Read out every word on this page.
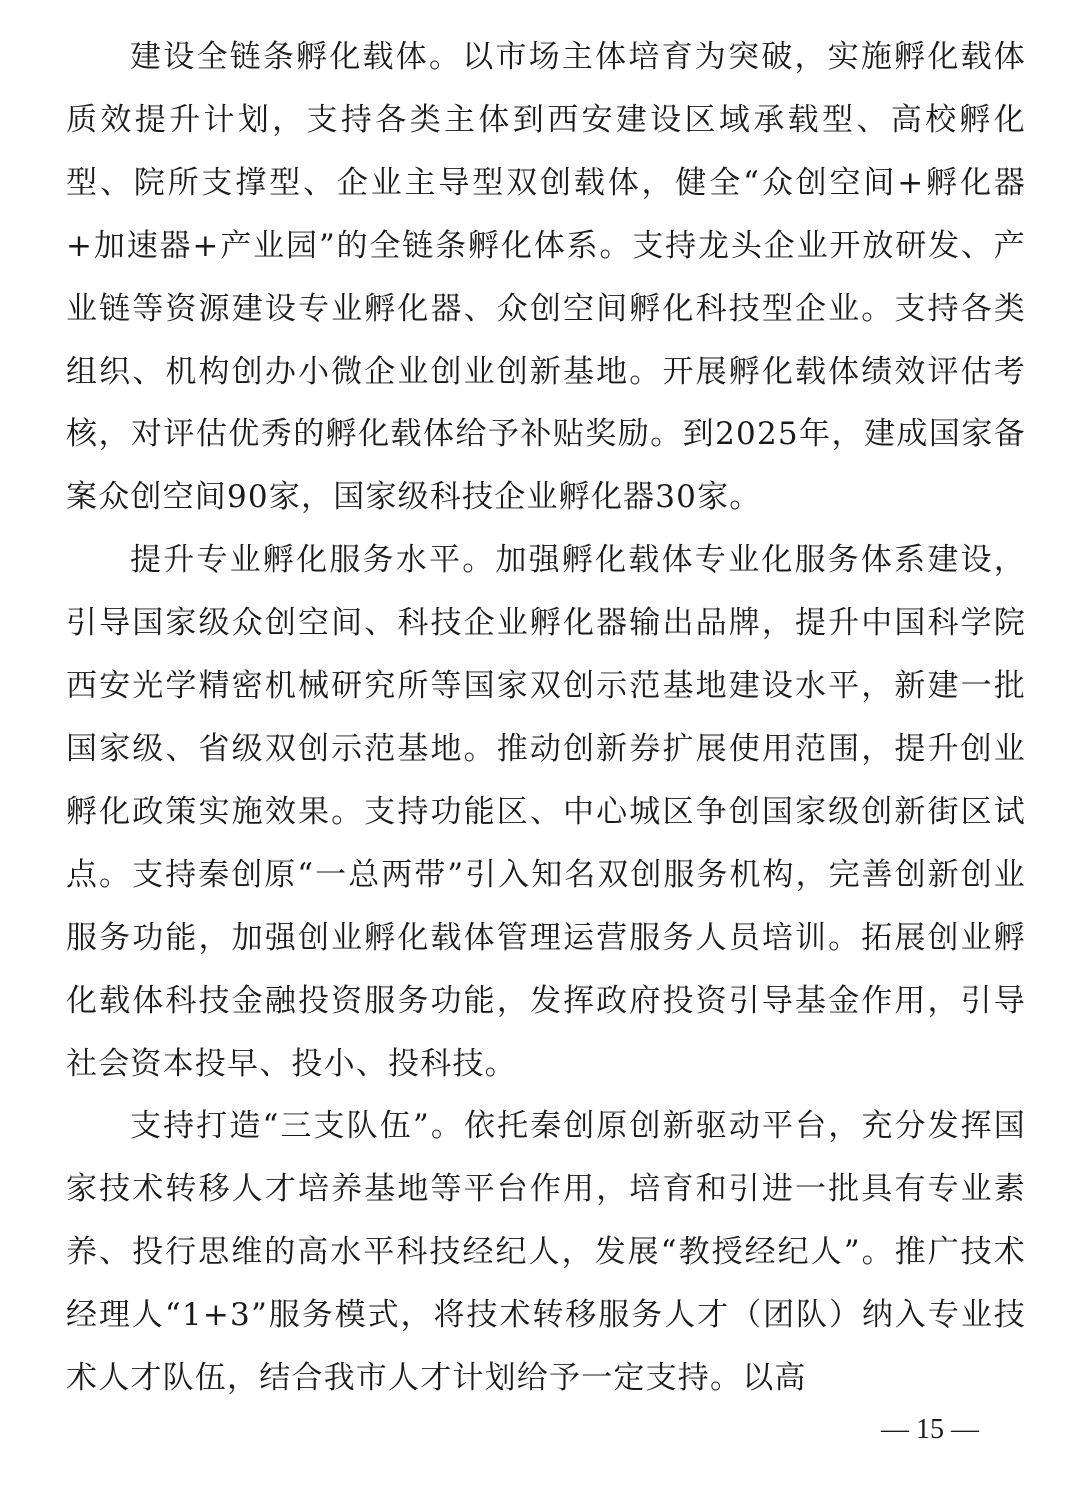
建设全链条孵化载体。以市场主体培育为突破，实施孵化载体质效提升计划，支持各类主体到西安建设区域承载型、高校孵化型、院所支撑型、企业主导型双创载体，健全“众创空间+孵化器+加速器+产业园”的全链条孵化体系。支持龙头企业开放研发、产业链等资源建设专业孵化器、众创空间孵化科技型企业。支持各类组织、机构创办小微企业创业创新基地。开展孵化载体绩效评估考核，对评估优秀的孵化载体给予补贴奖励。到2025年，建成国家备案众创空间90家，国家级科技企业孵化器30家。

提升专业孵化服务水平。加强孵化载体专业化服务体系建设，引导国家级众创空间、科技企业孵化器输出品牌，提升中国科学院西安光学精密机械研究所等国家双创示范基地建设水平，新建一批国家级、省级双创示范基地。推动创新券扩展使用范围，提升创业孵化政策实施效果。支持功能区、中心城区争创国家级创新街区试点。支持秦创原“一总两带”引入知名双创服务机构，完善创新创业服务功能，加强创业孵化载体管理运营服务人员培训。拓展创业孵化载体科技金融投资服务功能，发挥政府投资引导基金作用，引导社会资本投早、投小、投科技。

支持打造“三支队伍”。依托秦创原创新驱动平台，充分发挥国家技术转移人才培养基地等平台作用，培育和引进一批具有专业素养、投行思维的高水平科技经纪人，发展“教授经纪人”。推广技术经理人“1+3”服务模式，将技术转移服务人才（团队）纳入专业技术人才队伍，结合我市人才计划给予一定支持。以高

— 15 —
